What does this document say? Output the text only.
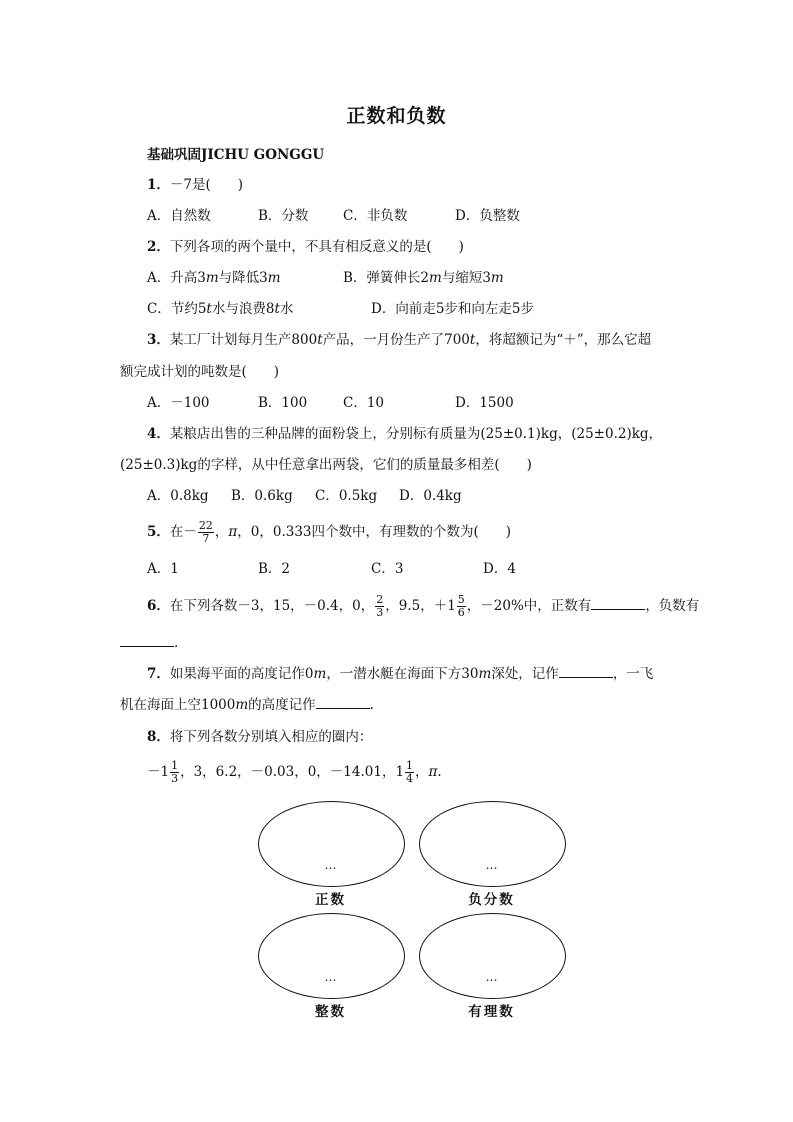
正数和负数
基础巩固JICHU GONGGU
1．－7是(　　)
A．自然数	B．分数	C．非负数	D．负整数
2．下列各项的两个量中，不具有相反意义的是(　　)
A．升高3m与降低3m	B．弹簧伸长2m与缩短3m
C．节约5t水与浪费8t水	D．向前走5步和向左走5步
3．某工厂计划每月生产800t产品，一月份生产了700t，将超额记为“＋”，那么它超
额完成计划的吨数是(　　)
A．－100	B．100	C．10	D．1500
4．某粮店出售的三种品牌的面粉袋上，分别标有质量为(25±0.1)kg，(25±0.2)kg，
(25±0.3)kg的字样，从中任意拿出两袋，它们的质量最多相差(　　)
A．0.8kg B．0.6kg C．0.5kg D．0.4kg
5．在－ $\frac{22}{7}$ ，π，0，0.333四个数中，有理数的个数为(　　)
A．1	B．2	C．3	D．4
6．在下列各数－3，15，－0.4，0， $\frac{2}{3}$ ，9.5，$+1 \frac{5}{6}$ ，－20%中，正数有	，负数有
.
7．如果海平面的高度记作0m，一潜水艇在海面下方30m深处，记作	，一飞
机在海面上空1000m的高度记作	.
8．将下列各数分别填入相应的圈内：
$-1 \frac{1}{3}$ ，3，6.2，－0.03，0，－14.01，$1 \frac{1}{4}$ ，π.
…
正数
…
负分数
…
整数
…
有理数
